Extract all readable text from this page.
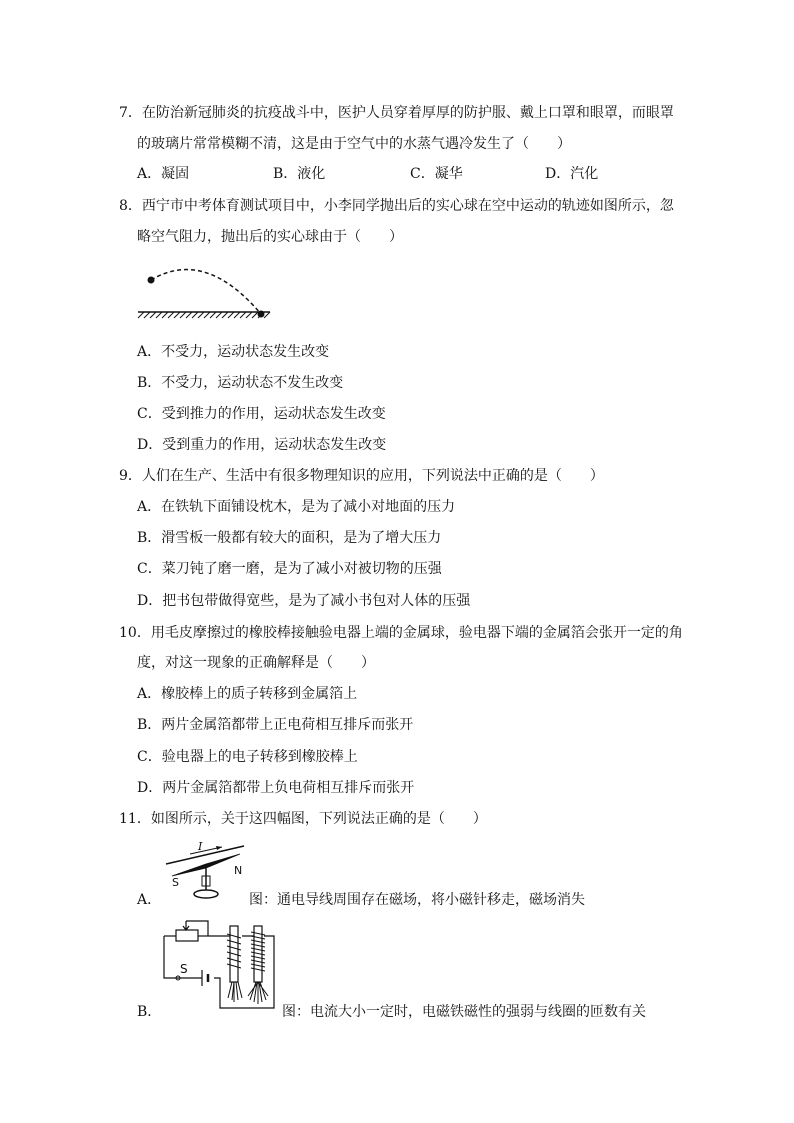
7．在防治新冠肺炎的抗疫战斗中，医护人员穿着厚厚的防护服、戴上口罩和眼罩，而眼罩
的玻璃片常常模糊不清，这是由于空气中的水蒸气遇冷发生了（　　）
A．凝固	B．液化	C．凝华	D．汽化
8．西宁市中考体育测试项目中，小李同学抛出后的实心球在空中运动的轨迹如图所示，忽
略空气阻力，抛出后的实心球由于（　　）
A．不受力，运动状态发生改变
B．不受力，运动状态不发生改变
C．受到推力的作用，运动状态发生改变
D．受到重力的作用，运动状态发生改变
9．人们在生产、生活中有很多物理知识的应用，下列说法中正确的是（　　）
A．在铁轨下面铺设枕木，是为了减小对地面的压力
B．滑雪板一般都有较大的面积，是为了增大压力
C．菜刀钝了磨一磨，是为了减小对被切物的压强
D．把书包带做得宽些，是为了减小书包对人体的压强
10．用毛皮摩擦过的橡胶棒接触验电器上端的金属球，验电器下端的金属箔会张开一定的角
度，对这一现象的正确解释是（　　）
A．橡胶棒上的质子转移到金属箔上
B．两片金属箔都带上正电荷相互排斥而张开
C．验电器上的电子转移到橡胶棒上
D．两片金属箔都带上负电荷相互排斥而张开
11．如图所示，关于这四幅图，下列说法正确的是（　　）
I
S
N
A．	图：通电导线周围存在磁场，将小磁针移走，磁场消失
S
B．	图：电流大小一定时，电磁铁磁性的强弱与线圈的匝数有关
